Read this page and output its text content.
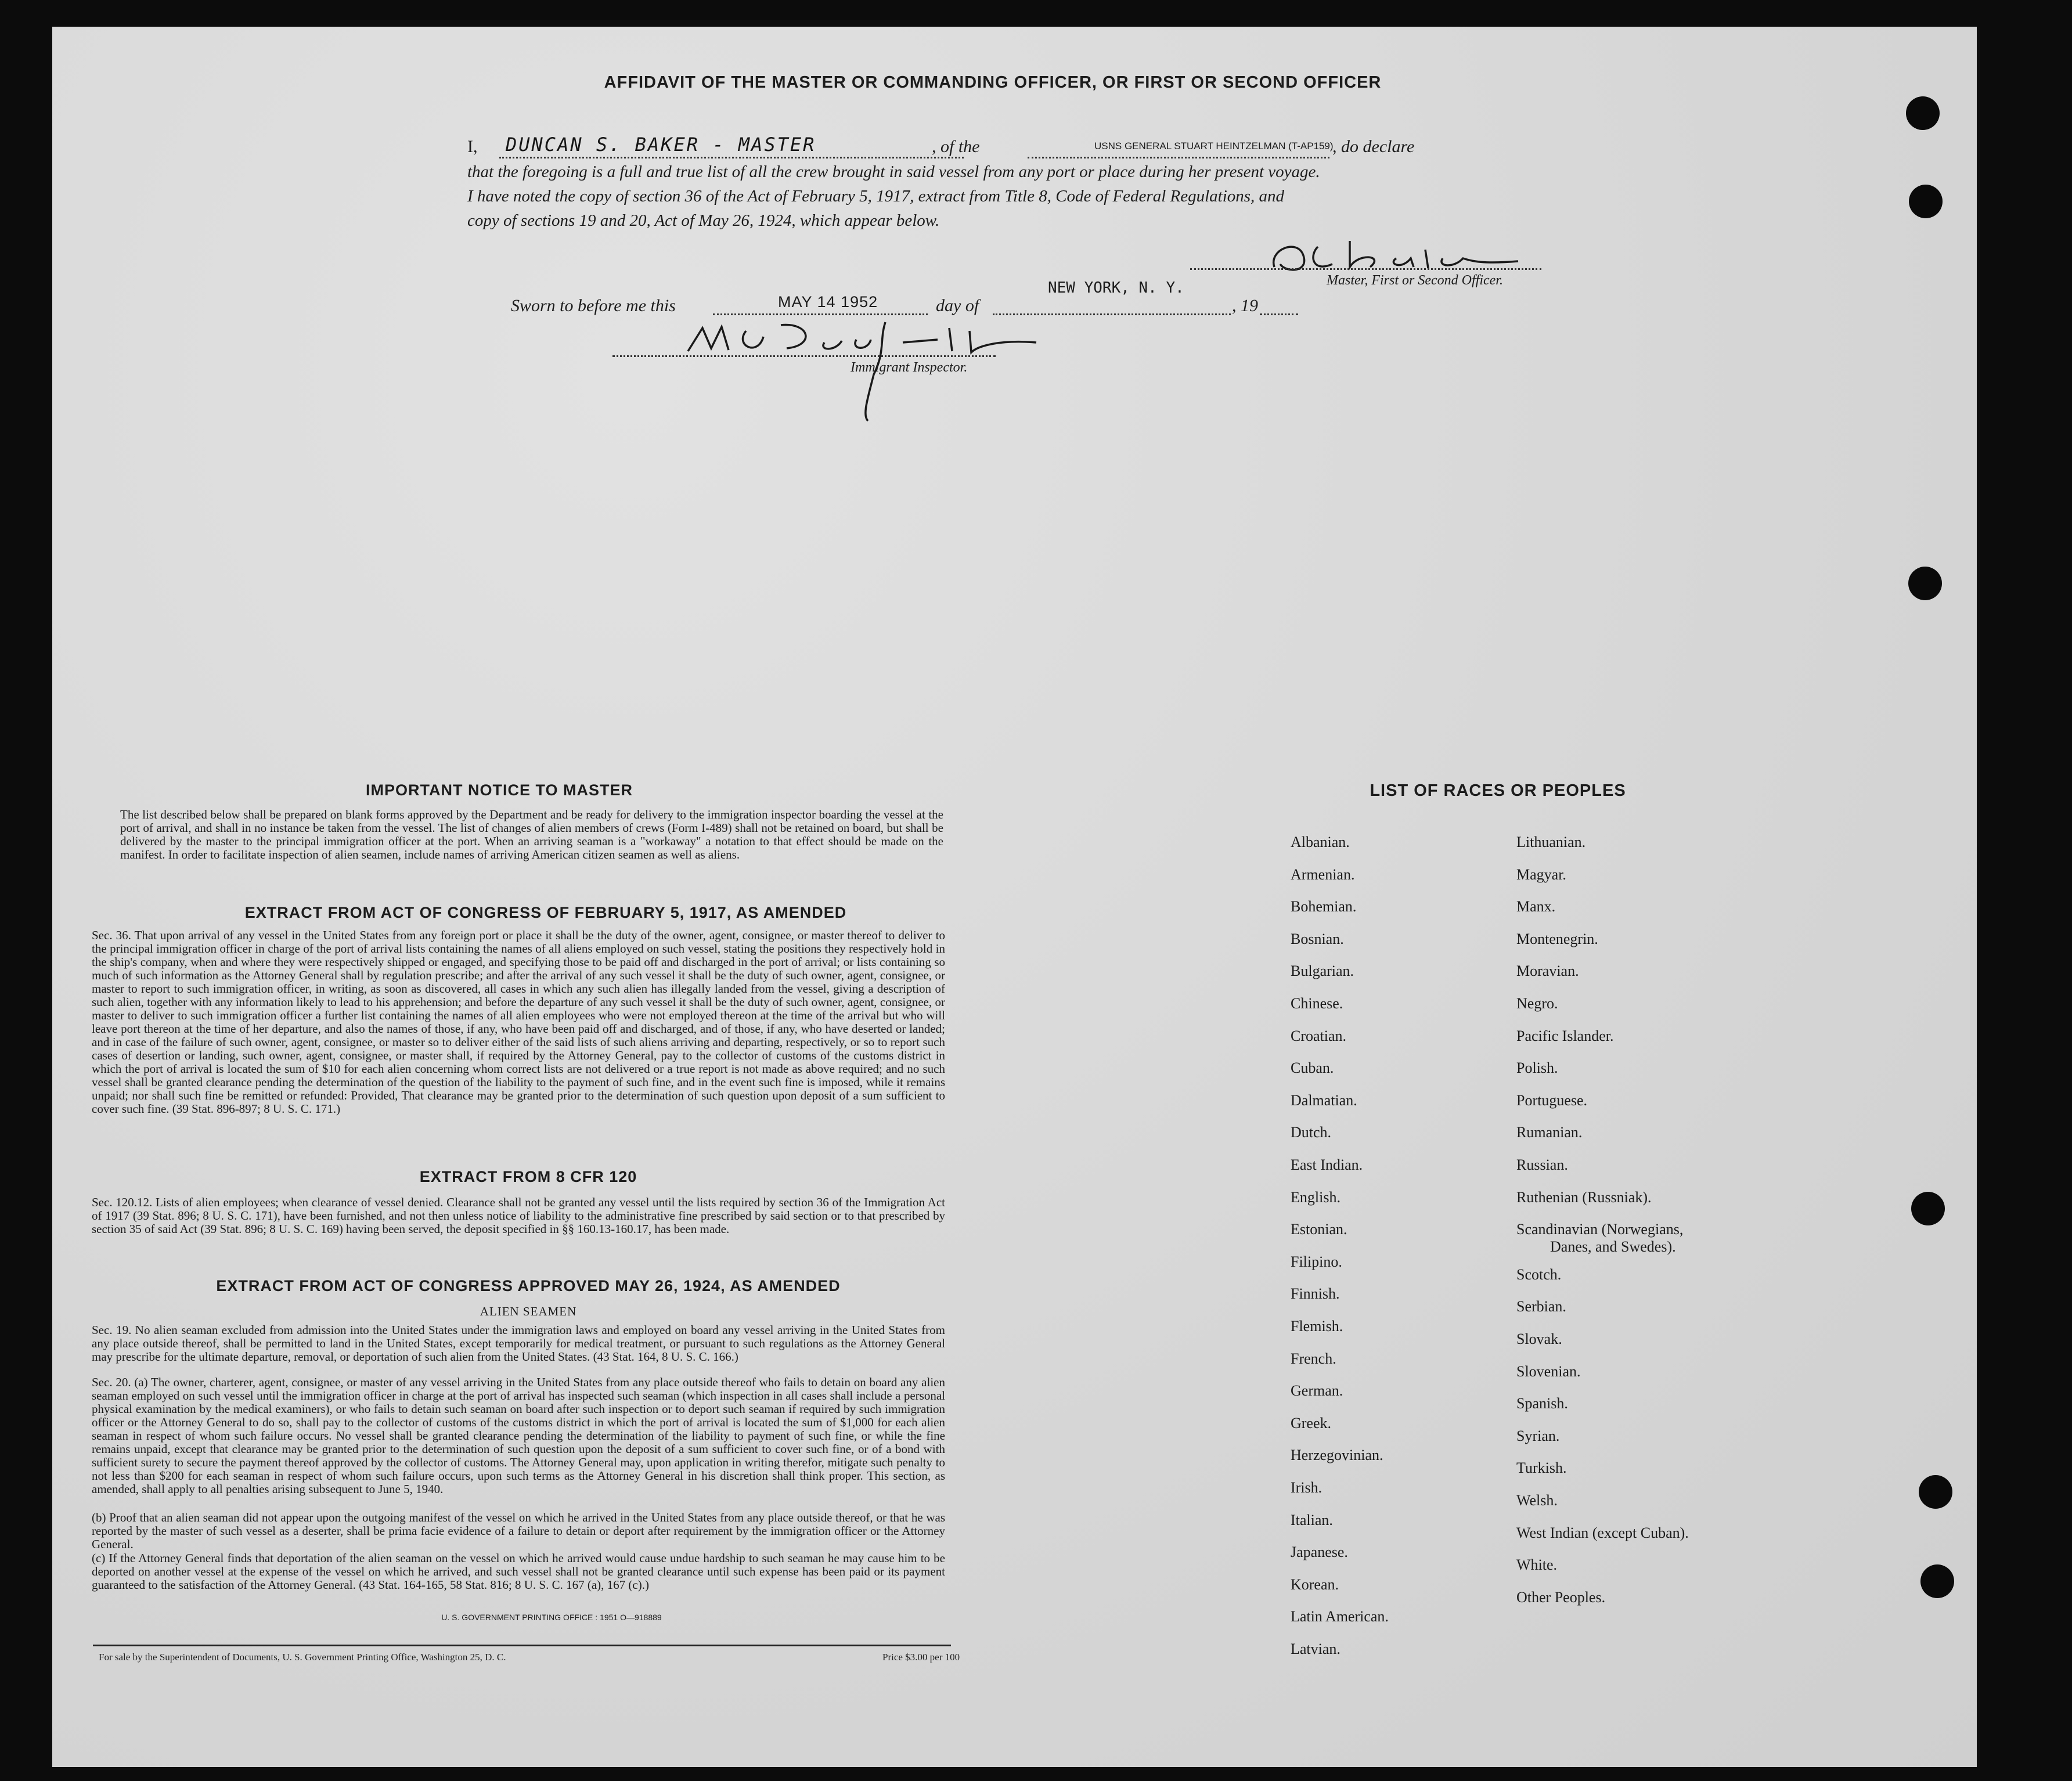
AFFIDAVIT OF THE MASTER OR COMMANDING OFFICER, OR FIRST OR SECOND OFFICER
I, DUNCAN S. BAKER - MASTER	, of the	USNS GENERAL STUART HEINTZELMAN (T-AP159)
, do declare
that the foregoing is a full and true list of all the crew brought in said vessel from any port or place during her present voyage.
I have noted the copy of section 36 of the Act of February 5, 1917, extract from Title 8, Code of Federal Regulations, and
copy of sections 19 and 20, Act of May 26, 1924, which appear below.
Master, First or Second Officer.
Sworn to before me this	MAY 14 1952	day of
NEW YORK, N. Y.
, 19
Immigrant Inspector.
IMPORTANT NOTICE TO MASTER
The list described below shall be prepared on blank forms approved by the Department and be ready for delivery to the immigration inspector boarding the vessel at the port of arrival, and shall in no instance be taken from the vessel. The list of changes of alien members of crews (Form I-489) shall not be retained on board, but shall be delivered by the master to the principal immigration officer at the port. When an arriving seaman is a "workaway" a notation to that effect should be made on the manifest. In order to facilitate inspection of alien seamen, include names of arriving American citizen seamen as well as aliens.
EXTRACT FROM ACT OF CONGRESS OF FEBRUARY 5, 1917, AS AMENDED
Sec. 36. That upon arrival of any vessel in the United States from any foreign port or place it shall be the duty of the owner, agent, consignee, or master thereof to deliver to the principal immigration officer in charge of the port of arrival lists containing the names of all aliens employed on such vessel, stating the positions they respectively hold in the ship's company, when and where they were respectively shipped or engaged, and specifying those to be paid off and discharged in the port of arrival; or lists containing so much of such information as the Attorney General shall by regulation prescribe; and after the arrival of any such vessel it shall be the duty of such owner, agent, consignee, or master to report to such immigration officer, in writing, as soon as discovered, all cases in which any such alien has illegally landed from the vessel, giving a description of such alien, together with any information likely to lead to his apprehension; and before the departure of any such vessel it shall be the duty of such owner, agent, consignee, or master to deliver to such immigration officer a further list containing the names of all alien employees who were not employed thereon at the time of the arrival but who will leave port thereon at the time of her departure, and also the names of those, if any, who have been paid off and discharged, and of those, if any, who have deserted or landed; and in case of the failure of such owner, agent, consignee, or master so to deliver either of the said lists of such aliens arriving and departing, respectively, or so to report such cases of desertion or landing, such owner, agent, consignee, or master shall, if required by the Attorney General, pay to the collector of customs of the customs district in which the port of arrival is located the sum of $10 for each alien concerning whom correct lists are not delivered or a true report is not made as above required; and no such vessel shall be granted clearance pending the determination of the question of the liability to the payment of such fine, and in the event such fine is imposed, while it remains unpaid; nor shall such fine be remitted or refunded: Provided, That clearance may be granted prior to the determination of such question upon deposit of a sum sufficient to cover such fine. (39 Stat. 896-897; 8 U. S. C. 171.)
EXTRACT FROM 8 CFR 120
Sec. 120.12. Lists of alien employees; when clearance of vessel denied. Clearance shall not be granted any vessel until the lists required by section 36 of the Immigration Act of 1917 (39 Stat. 896; 8 U. S. C. 171), have been furnished, and not then unless notice of liability to the administrative fine prescribed by said section or to that prescribed by section 35 of said Act (39 Stat. 896; 8 U. S. C. 169) having been served, the deposit specified in §§ 160.13-160.17, has been made.
EXTRACT FROM ACT OF CONGRESS APPROVED MAY 26, 1924, AS AMENDED
ALIEN SEAMEN
Sec. 19. No alien seaman excluded from admission into the United States under the immigration laws and employed on board any vessel arriving in the United States from any place outside thereof, shall be permitted to land in the United States, except temporarily for medical treatment, or pursuant to such regulations as the Attorney General may prescribe for the ultimate departure, removal, or deportation of such alien from the United States. (43 Stat. 164, 8 U. S. C. 166.)
Sec. 20. (a) The owner, charterer, agent, consignee, or master of any vessel arriving in the United States from any place outside thereof who fails to detain on board any alien seaman employed on such vessel until the immigration officer in charge at the port of arrival has inspected such seaman (which inspection in all cases shall include a personal physical examination by the medical examiners), or who fails to detain such seaman on board after such inspection or to deport such seaman if required by such immigration officer or the Attorney General to do so, shall pay to the collector of customs of the customs district in which the port of arrival is located the sum of $1,000 for each alien seaman in respect of whom such failure occurs. No vessel shall be granted clearance pending the determination of the liability to payment of such fine, or while the fine remains unpaid, except that clearance may be granted prior to the determination of such question upon the deposit of a sum sufficient to cover such fine, or of a bond with sufficient surety to secure the payment thereof approved by the collector of customs. The Attorney General may, upon application in writing therefor, mitigate such penalty to not less than $200 for each seaman in respect of whom such failure occurs, upon such terms as the Attorney General in his discretion shall think proper. This section, as amended, shall apply to all penalties arising subsequent to June 5, 1940.
(b) Proof that an alien seaman did not appear upon the outgoing manifest of the vessel on which he arrived in the United States from any place outside thereof, or that he was reported by the master of such vessel as a deserter, shall be prima facie evidence of a failure to detain or deport after requirement by the immigration officer or the Attorney General.
(c) If the Attorney General finds that deportation of the alien seaman on the vessel on which he arrived would cause undue hardship to such seaman he may cause him to be deported on another vessel at the expense of the vessel on which he arrived, and such vessel shall not be granted clearance until such expense has been paid or its payment guaranteed to the satisfaction of the Attorney General. (43 Stat. 164-165, 58 Stat. 816; 8 U. S. C. 167 (a), 167 (c).)
U. S. GOVERNMENT PRINTING OFFICE : 1951 O—918889
For sale by the Superintendent of Documents, U. S. Government Printing Office, Washington 25, D. C.	Price $3.00 per 100
LIST OF RACES OR PEOPLES
Albanian.
Armenian.
Bohemian.
Bosnian.
Bulgarian.
Chinese.
Croatian.
Cuban.
Dalmatian.
Dutch.
East Indian.
English.
Estonian.
Filipino.
Finnish.
Flemish.
French.
German.
Greek.
Herzegovinian.
Irish.
Italian.
Japanese.
Korean.
Latin American.
Latvian.
Lithuanian.
Magyar.
Manx.
Montenegrin.
Moravian.
Negro.
Pacific Islander.
Polish.
Portuguese.
Rumanian.
Russian.
Ruthenian (Russniak).
Scandinavian (Norwegians,
Danes, and Swedes).
Scotch.
Serbian.
Slovak.
Slovenian.
Spanish.
Syrian.
Turkish.
Welsh.
West Indian (except Cuban).
White.
Other Peoples.
